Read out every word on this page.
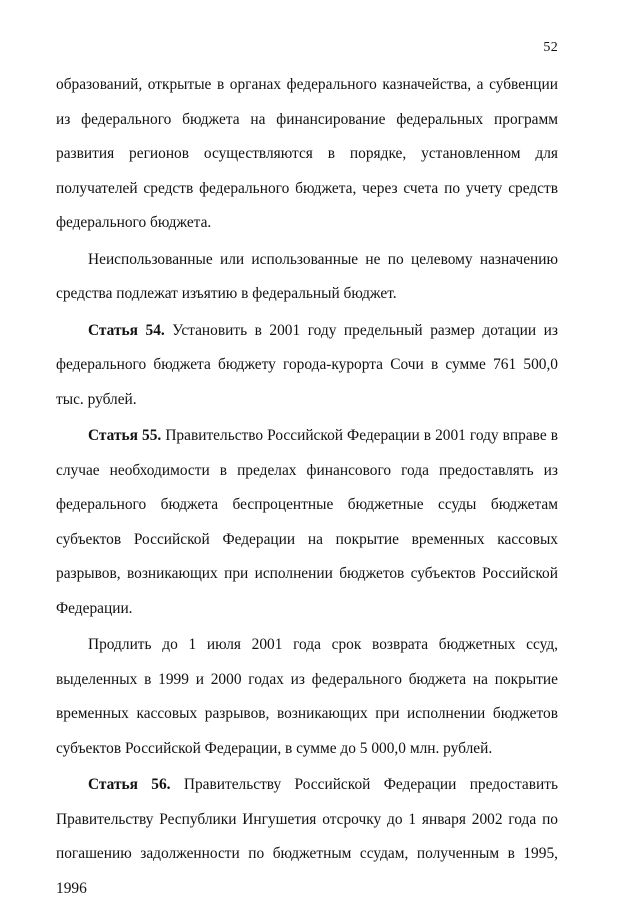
52

образований, открытые в органах федерального казначейства, а субвенции из федерального бюджета на финансирование федеральных программ развития регионов осуществляются в порядке, установленном для получателей средств федерального бюджета, через счета по учету средств федерального бюджета.

Неиспользованные или использованные не по целевому назначению средства подлежат изъятию в федеральный бюджет.

Статья 54. Установить в 2001 году предельный размер дотации из федерального бюджета бюджету города-курорта Сочи в сумме 761 500,0 тыс. рублей.

Статья 55. Правительство Российской Федерации в 2001 году вправе в случае необходимости в пределах финансового года предоставлять из федерального бюджета беспроцентные бюджетные ссуды бюджетам субъектов Российской Федерации на покрытие временных кассовых разрывов, возникающих при исполнении бюджетов субъектов Российской Федерации.

Продлить до 1 июля 2001 года срок возврата бюджетных ссуд, выделенных в 1999 и 2000 годах из федерального бюджета на покрытие временных кассовых разрывов, возникающих при исполнении бюджетов субъектов Российской Федерации, в сумме до 5 000,0 млн. рублей.

Статья 56. Правительству Российской Федерации предоставить Правительству Республики Ингушетия отсрочку до 1 января 2002 года по погашению задолженности по бюджетным ссудам, полученным в 1995, 1996
